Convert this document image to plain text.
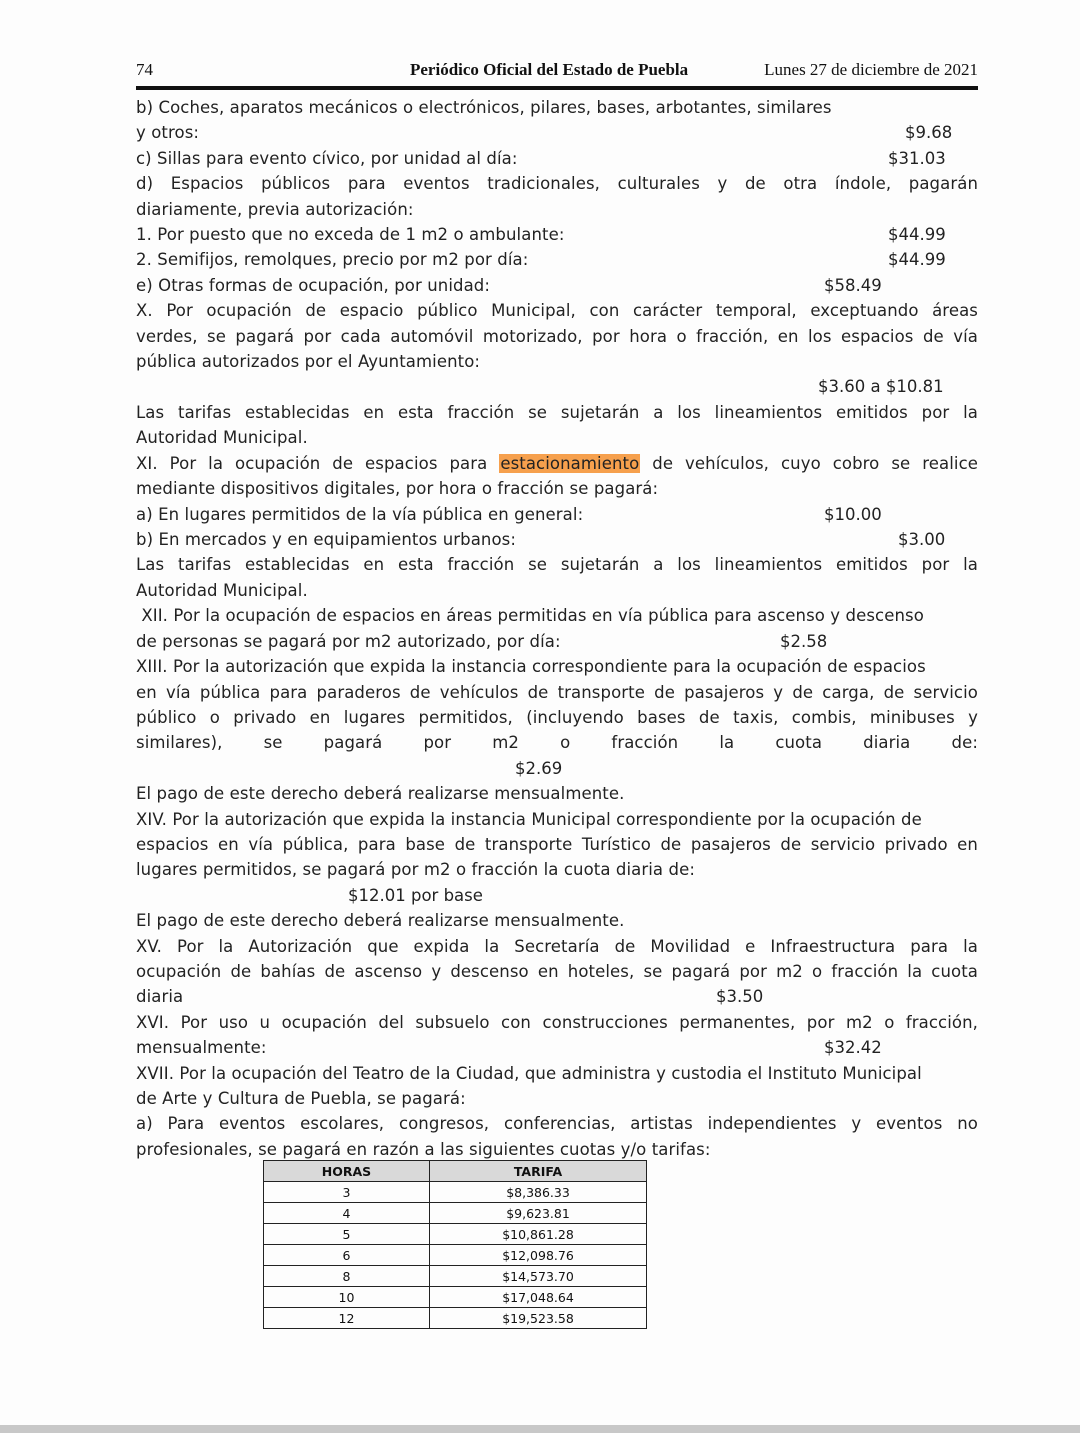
74	Periódico Oficial del Estado de Puebla	Lunes 27 de diciembre de 2021
b) Coches, aparatos mecánicos o electrónicos, pilares, bases, arbotantes, similares
y otros:	$9.68
c) Sillas para evento cívico, por unidad al día:	$31.03
d) Espacios públicos para eventos tradicionales, culturales y de otra índole, pagarán
diariamente, previa autorización:
1. Por puesto que no exceda de 1 m2 o ambulante:	$44.99
2. Semifijos, remolques, precio por m2 por día:	$44.99
e) Otras formas de ocupación, por unidad:	$58.49
X. Por ocupación de espacio público Municipal, con carácter temporal, exceptuando áreas
verdes, se pagará por cada automóvil motorizado, por hora o fracción, en los espacios de vía
pública autorizados por el Ayuntamiento:
$3.60 a $10.81
Las tarifas establecidas en esta fracción se sujetarán a los lineamientos emitidos por la
Autoridad Municipal.
XI. Por la ocupación de espacios para estacionamiento de vehículos, cuyo cobro se realice
mediante dispositivos digitales, por hora o fracción se pagará:
a) En lugares permitidos de la vía pública en general:	$10.00
b) En mercados y en equipamientos urbanos:	$3.00
Las tarifas establecidas en esta fracción se sujetarán a los lineamientos emitidos por la
Autoridad Municipal.
XII. Por la ocupación de espacios en áreas permitidas en vía pública para ascenso y descenso
de personas se pagará por m2 autorizado, por día:	$2.58
XIII. Por la autorización que expida la instancia correspondiente para la ocupación de espacios
en vía pública para paraderos de vehículos de transporte de pasajeros y de carga, de servicio
público o privado en lugares permitidos, (incluyendo bases de taxis, combis, minibuses y
similares), se pagará por m2 o fracción la cuota diaria de:
$2.69
El pago de este derecho deberá realizarse mensualmente.
XIV. Por la autorización que expida la instancia Municipal correspondiente por la ocupación de
espacios en vía pública, para base de transporte Turístico de pasajeros de servicio privado en
lugares permitidos, se pagará por m2 o fracción la cuota diaria de:
$12.01 por base
El pago de este derecho deberá realizarse mensualmente.
XV. Por la Autorización que expida la Secretaría de Movilidad e Infraestructura para la
ocupación de bahías de ascenso y descenso en hoteles, se pagará por m2 o fracción la cuota
diaria	$3.50
XVI. Por uso u ocupación del subsuelo con construcciones permanentes, por m2 o fracción,
mensualmente:	$32.42
XVII. Por la ocupación del Teatro de la Ciudad, que administra y custodia el Instituto Municipal
de Arte y Cultura de Puebla, se pagará:
a) Para eventos escolares, congresos, conferencias, artistas independientes y eventos no
profesionales, se pagará en razón a las siguientes cuotas y/o tarifas:
HORAS	TARIFA
3	$8,386.33
4	$9,623.81
5	$10,861.28
6	$12,098.76
8	$14,573.70
10	$17,048.64
12	$19,523.58
